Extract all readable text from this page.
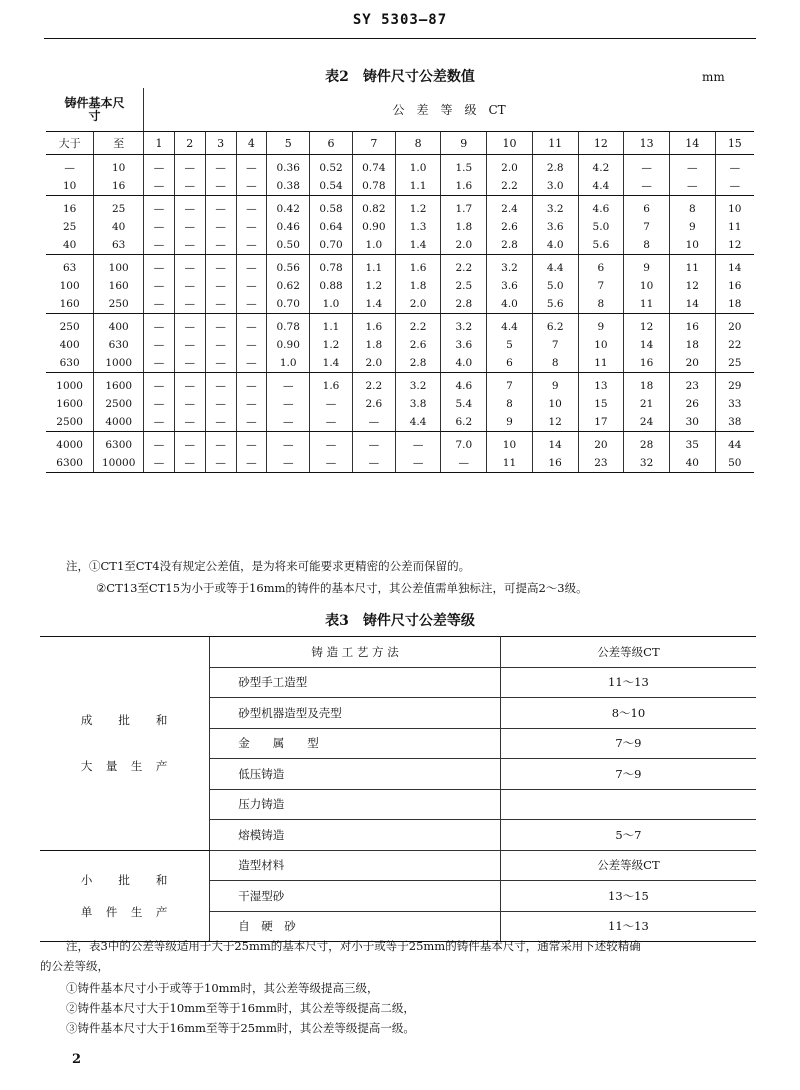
SY 5303—87
表2　铸件尺寸公差数值	mm
铸件基本尺　寸		公　差　等　级　CT														
大于	至	1	2	3	4	5	6	7	8	9	10	11	12	13	14	15
—	10	—	—	—	—	0.36	0.52	0.74	1.0	1.5	2.0	2.8	4.2	—	—	—
10	16	—	—	—	—	0.38	0.54	0.78	1.1	1.6	2.2	3.0	4.4	—	—	—
16	25	—	—	—	—	0.42	0.58	0.82	1.2	1.7	2.4	3.2	4.6	6	8	10
25	40	—	—	—	—	0.46	0.64	0.90	1.3	1.8	2.6	3.6	5.0	7	9	11
40	63	—	—	—	—	0.50	0.70	1.0	1.4	2.0	2.8	4.0	5.6	8	10	12
63	100	—	—	—	—	0.56	0.78	1.1	1.6	2.2	3.2	4.4	6	9	11	14
100	160	—	—	—	—	0.62	0.88	1.2	1.8	2.5	3.6	5.0	7	10	12	16
160	250	—	—	—	—	0.70	1.0	1.4	2.0	2.8	4.0	5.6	8	11	14	18
250	400	—	—	—	—	0.78	1.1	1.6	2.2	3.2	4.4	6.2	9	12	16	20
400	630	—	—	—	—	0.90	1.2	1.8	2.6	3.6	5	7	10	14	18	22
630	1000	—	—	—	—	1.0	1.4	2.0	2.8	4.0	6	8	11	16	20	25
1000	1600	—	—	—	—	—	1.6	2.2	3.2	4.6	7	9	13	18	23	29
1600	2500	—	—	—	—	—	—	2.6	3.8	5.4	8	10	15	21	26	33
2500	4000	—	—	—	—	—	—	—	4.4	6.2	9	12	17	24	30	38
4000	6300	—	—	—	—	—	—	—	—	7.0	10	14	20	28	35	44
6300	10000	—	—	—	—	—	—	—	—	—	11	16	23	32	40	50
注，①CT1至CT4没有规定公差值，是为将来可能要求更精密的公差而保留的。
②CT13至CT15为小于或等于16mm的铸件的基本尺寸，其公差值需单独标注，可提高2～3级。
表3　铸件尺寸公差等级
成　　批　　和
大　量　生　产	铸 造 工 艺 方 法	公差等级CT
	砂型手工造型	11～13
	砂型机器造型及壳型	8～10
	金　　属　　型	7～9
	低压铸造	7～9
	压力铸造	
	熔模铸造	5～7

小　　批　　和
单　件　生　产	造型材料	公差等级CT
	干湿型砂	13～15
	自　硬　砂	11～13
注，表3中的公差等级适用于大于25mm的基本尺寸，对小于或等于25mm的铸件基本尺寸，通常采用下述较精确
的公差等级，
①铸件基本尺寸小于或等于10mm时，其公差等级提高三级，
②铸件基本尺寸大于10mm至等于16mm时，其公差等级提高二级，
③铸件基本尺寸大于16mm至等于25mm时，其公差等级提高一级。
2
